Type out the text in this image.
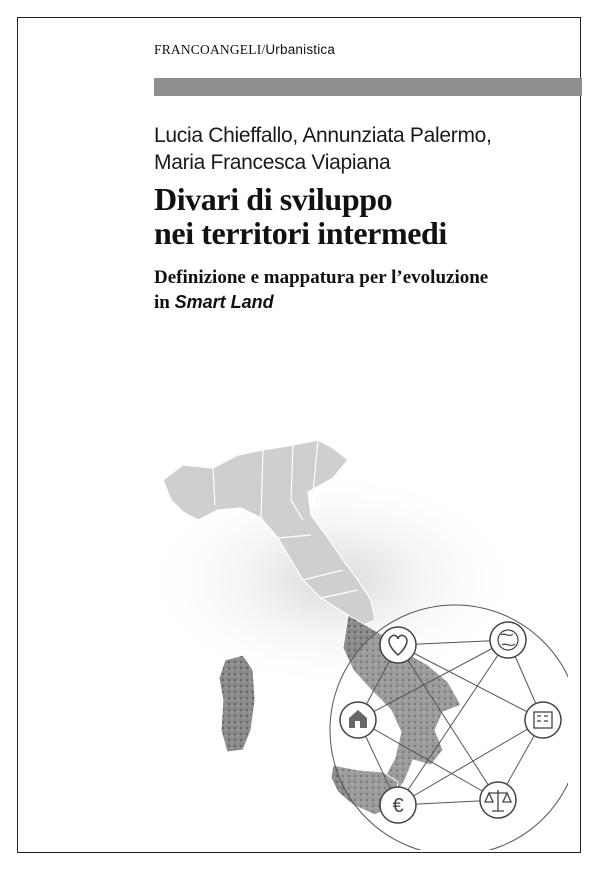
FRANCOANGELI/Urbanistica
Lucia Chieffallo, Annunziata Palermo,
Maria Francesca Viapiana
Divari di sviluppo
nei territori intermedi
Definizione e mappatura per l’evoluzione
in Smart Land
€
